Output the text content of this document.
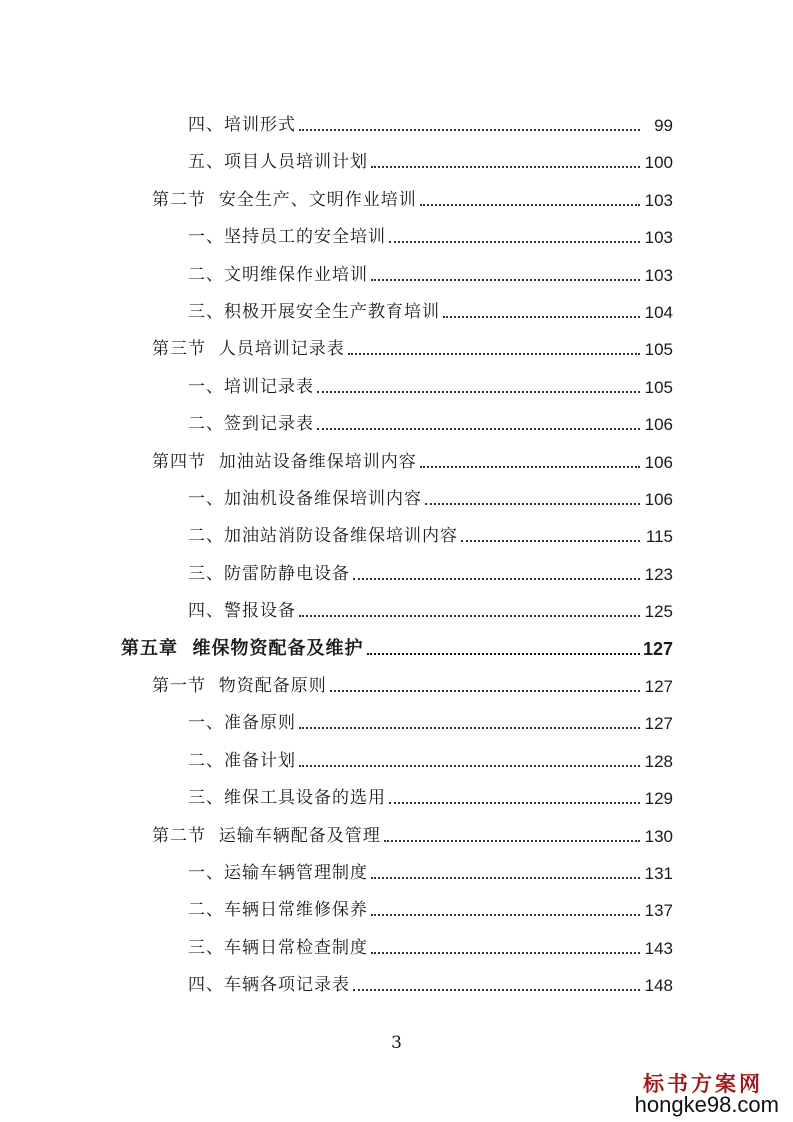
四、培训形式	99
五、项目人员培训计划	100
第二节  安全生产、文明作业培训	103
一、坚持员工的安全培训	103
二、文明维保作业培训	103
三、积极开展安全生产教育培训	104
第三节  人员培训记录表	105
一、培训记录表	105
二、签到记录表	106
第四节  加油站设备维保培训内容	106
一、加油机设备维保培训内容	106
二、加油站消防设备维保培训内容	115
三、防雷防静电设备	123
四、警报设备	125
第五章  维保物资配备及维护	127
第一节  物资配备原则	127
一、准备原则	127
二、准备计划	128
三、维保工具设备的选用	129
第二节  运输车辆配备及管理	130
一、运输车辆管理制度	131
二、车辆日常维修保养	137
三、车辆日常检查制度	143
四、车辆各项记录表	148
3
标书方案网
hongke98.com
